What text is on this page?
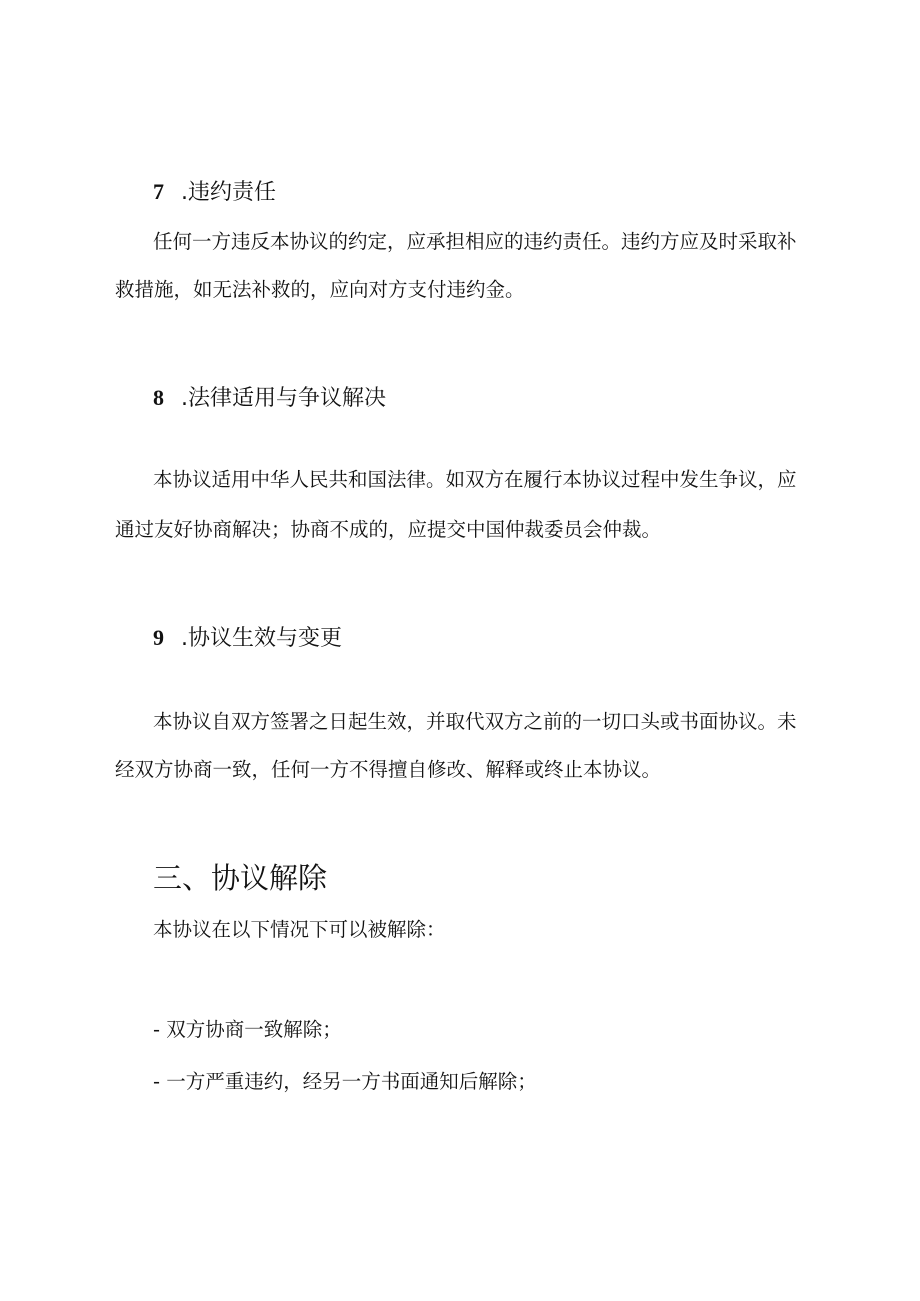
7 .违约责任
任何一方违反本协议的约定，应承担相应的违约责任。违约方应及时采取补
救措施，如无法补救的，应向对方支付违约金。
8 .法律适用与争议解决
本协议适用中华人民共和国法律。如双方在履行本协议过程中发生争议，应
通过友好协商解决；协商不成的，应提交中国仲裁委员会仲裁。
9 .协议生效与变更
本协议自双方签署之日起生效，并取代双方之前的一切口头或书面协议。未
经双方协商一致，任何一方不得擅自修改、解释或终止本协议。
三、协议解除
本协议在以下情况下可以被解除：
- 双方协商一致解除；
- 一方严重违约，经另一方书面通知后解除；
